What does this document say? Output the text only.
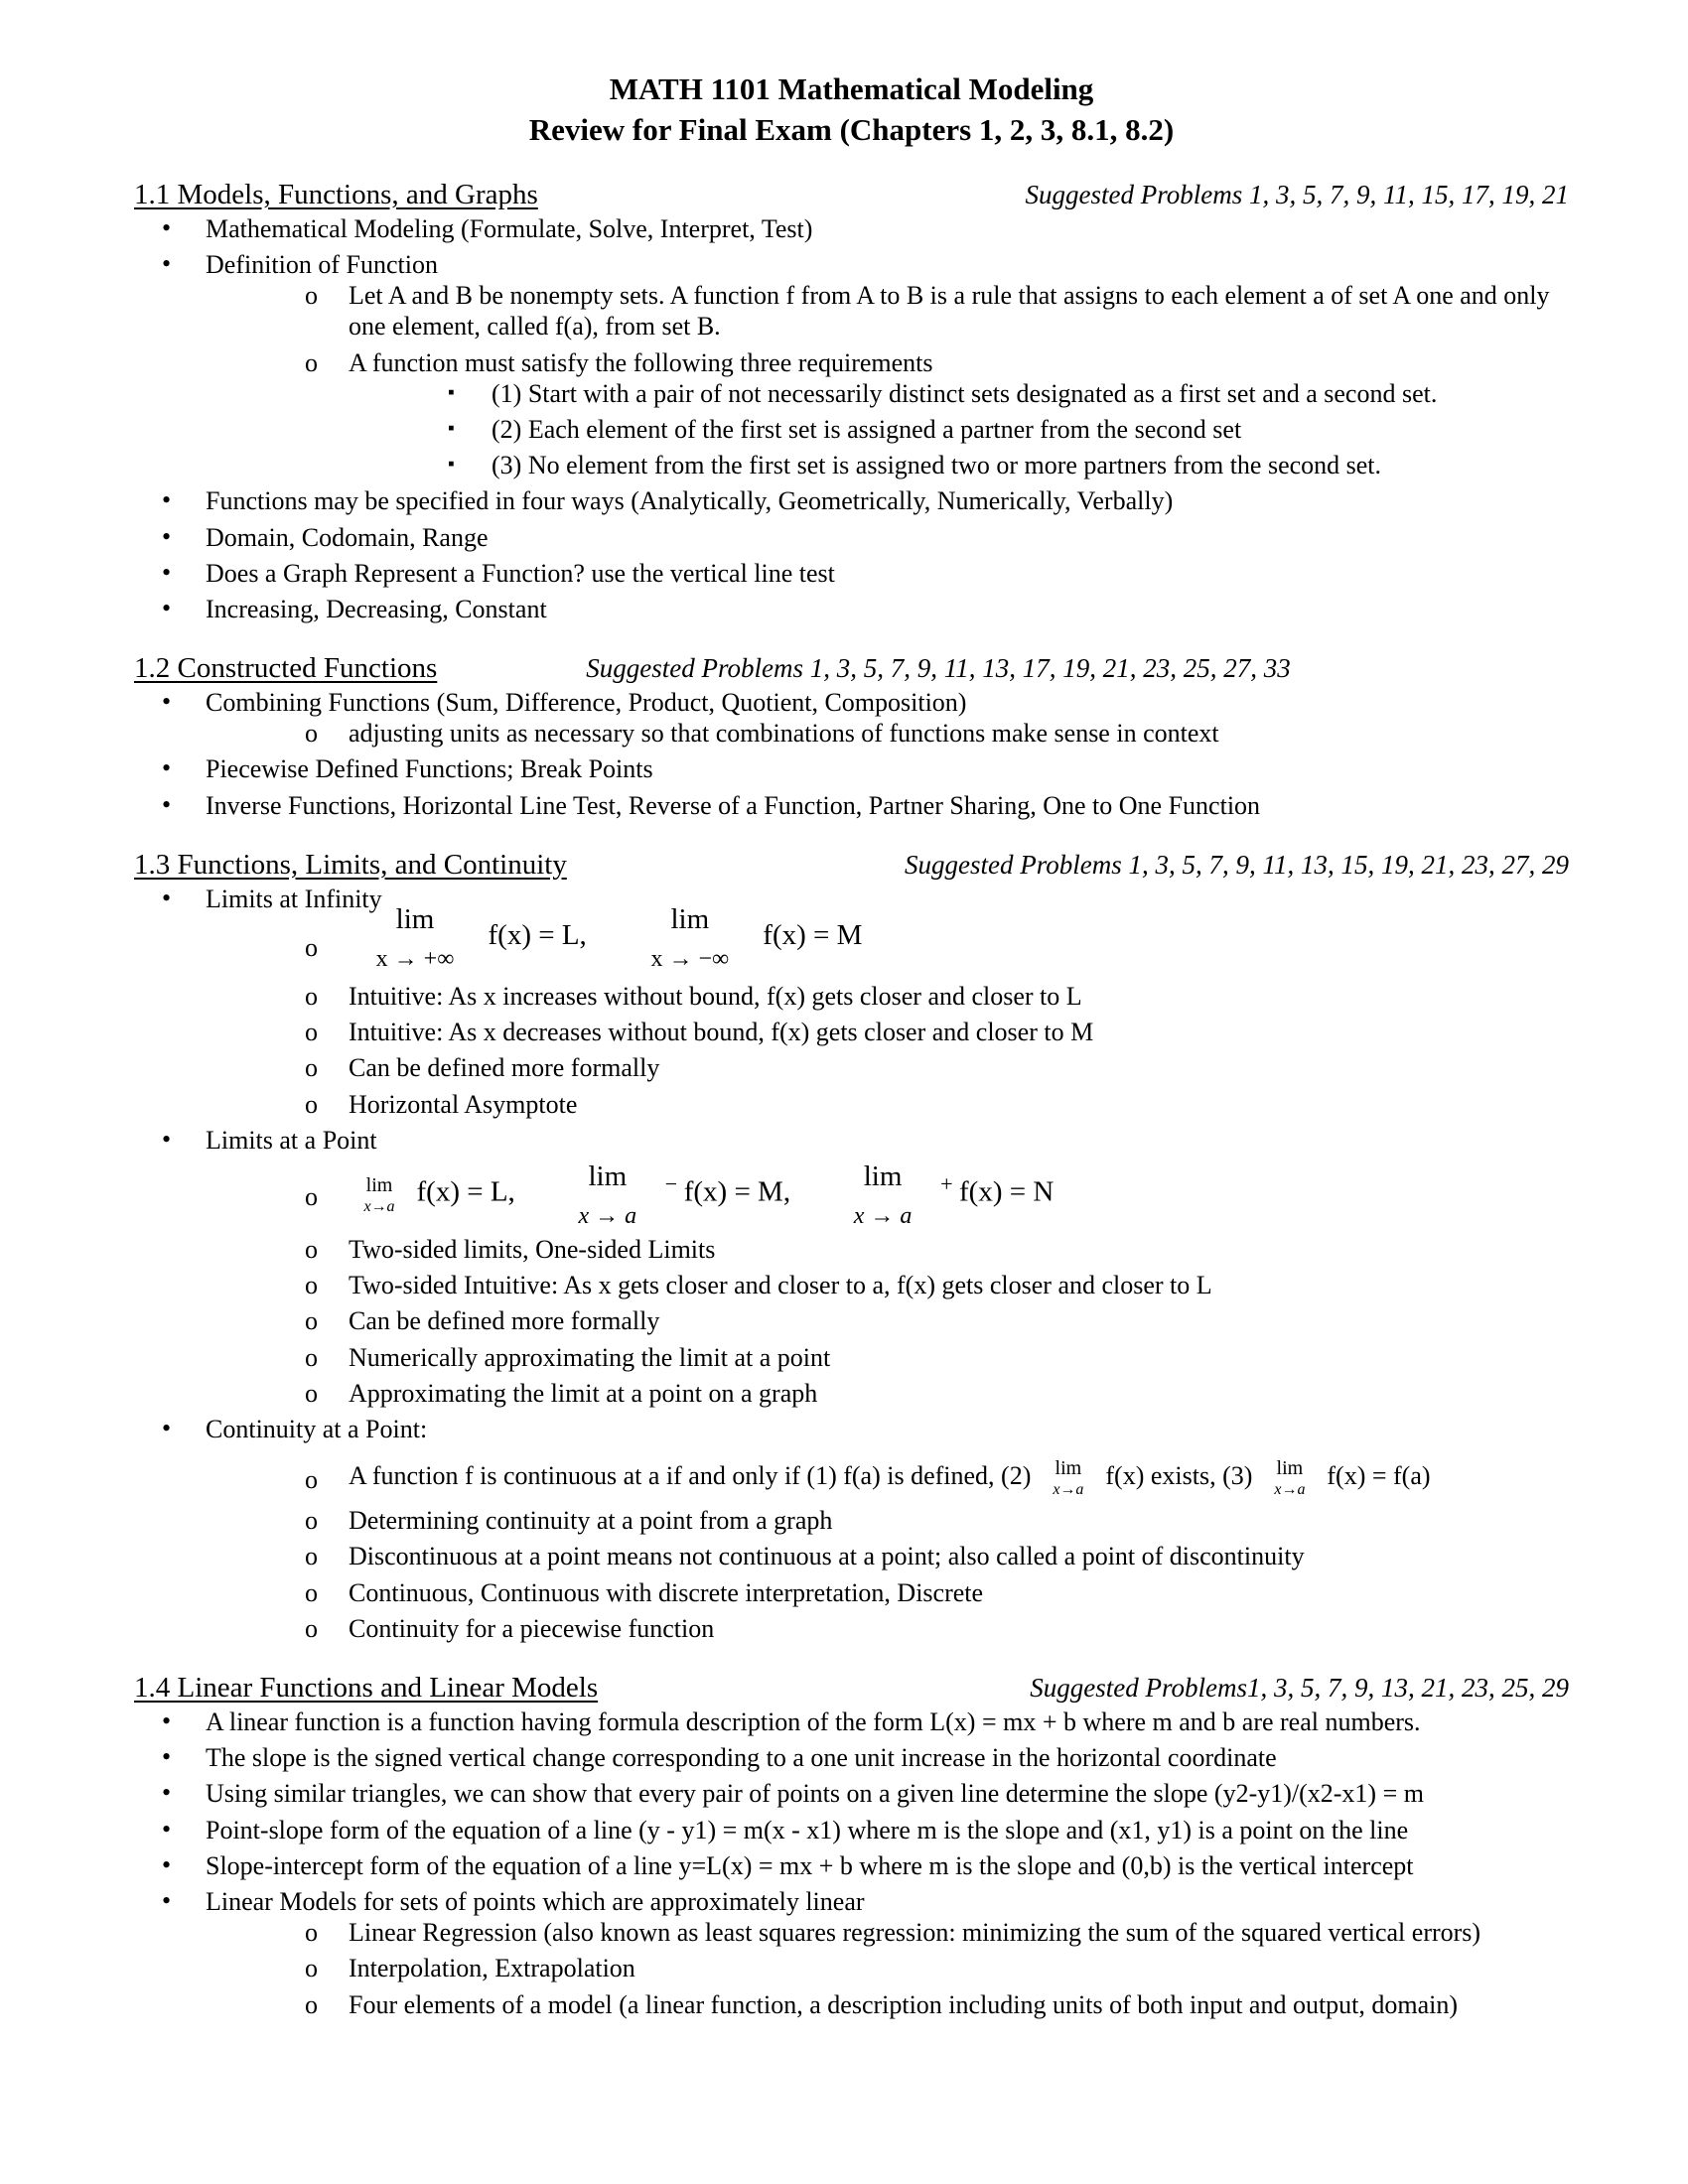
MATH 1101 Mathematical Modeling
Review for Final Exam (Chapters 1, 2, 3, 8.1, 8.2)
1.1 Models, Functions, and Graphs	Suggested Problems 1, 3, 5, 7, 9, 11, 15, 17, 19, 21
• Mathematical Modeling (Formulate, Solve, Interpret, Test)
• Definition of Function
o Let A and B be nonempty sets. A function f from A to B is a rule that assigns to each element a of set A one and only one element, called f(a), from set B.
o A function must satisfy the following three requirements
▪ (1) Start with a pair of not necessarily distinct sets designated as a first set and a second set.
▪ (2) Each element of the first set is assigned a partner from the second set
▪ (3) No element from the first set is assigned two or more partners from the second set.
• Functions may be specified in four ways (Analytically, Geometrically, Numerically, Verbally)
• Domain, Codomain, Range
• Does a Graph Represent a Function? use the vertical line test
• Increasing, Decreasing, Constant
1.2 Constructed Functions	Suggested Problems 1, 3, 5, 7, 9, 11, 13, 17, 19, 21, 23, 25, 27, 33
• Combining Functions (Sum, Difference, Product, Quotient, Composition)
o adjusting units as necessary so that combinations of functions make sense in context
• Piecewise Defined Functions; Break Points
• Inverse Functions, Horizontal Line Test, Reverse of a Function, Partner Sharing, One to One Function
1.3 Functions, Limits, and Continuity	Suggested Problems 1, 3, 5, 7, 9, 11, 13, 15, 19, 21, 23, 27, 29
• Limits at Infinity
o
lim
x → +∞
f(x) = L,	lim
x → −∞
f(x) = M
o Intuitive: As x increases without bound, f(x) gets closer and closer to L
o Intuitive: As x decreases without bound, f(x) gets closer and closer to M
o Can be defined more formally
o Horizontal Asymptote
• Limits at a Point
o	lim
x→a f(x) = L,	lim
x → a
− f(x) = M,	lim
x → a
+ f(x) = N
o Two-sided limits, One-sided Limits
o Two-sided Intuitive: As x gets closer and closer to a, f(x) gets closer and closer to L
o Can be defined more formally
o Numerically approximating the limit at a point
o Approximating the limit at a point on a graph
• Continuity at a Point:
o A function f is continuous at a if and only if (1) f(a) is defined, (2)	lim
x→a f(x) exists, (3)	lim
x→a f(x) = f(a)
o Determining continuity at a point from a graph
o Discontinuous at a point means not continuous at a point; also called a point of discontinuity
o Continuous, Continuous with discrete interpretation, Discrete
o Continuity for a piecewise function
1.4 Linear Functions and Linear Models	Suggested Problems1, 3, 5, 7, 9, 13, 21, 23, 25, 29
• A linear function is a function having formula description of the form L(x) = mx + b where m and b are real numbers.
• The slope is the signed vertical change corresponding to a one unit increase in the horizontal coordinate
• Using similar triangles, we can show that every pair of points on a given line determine the slope (y2-y1)/(x2-x1) = m
• Point-slope form of the equation of a line (y - y1) = m(x - x1) where m is the slope and (x1, y1) is a point on the line
• Slope-intercept form of the equation of a line y=L(x) = mx + b where m is the slope and (0,b) is the vertical intercept
• Linear Models for sets of points which are approximately linear
o Linear Regression (also known as least squares regression: minimizing the sum of the squared vertical errors)
o Interpolation, Extrapolation
o Four elements of a model (a linear function, a description including units of both input and output, domain)
